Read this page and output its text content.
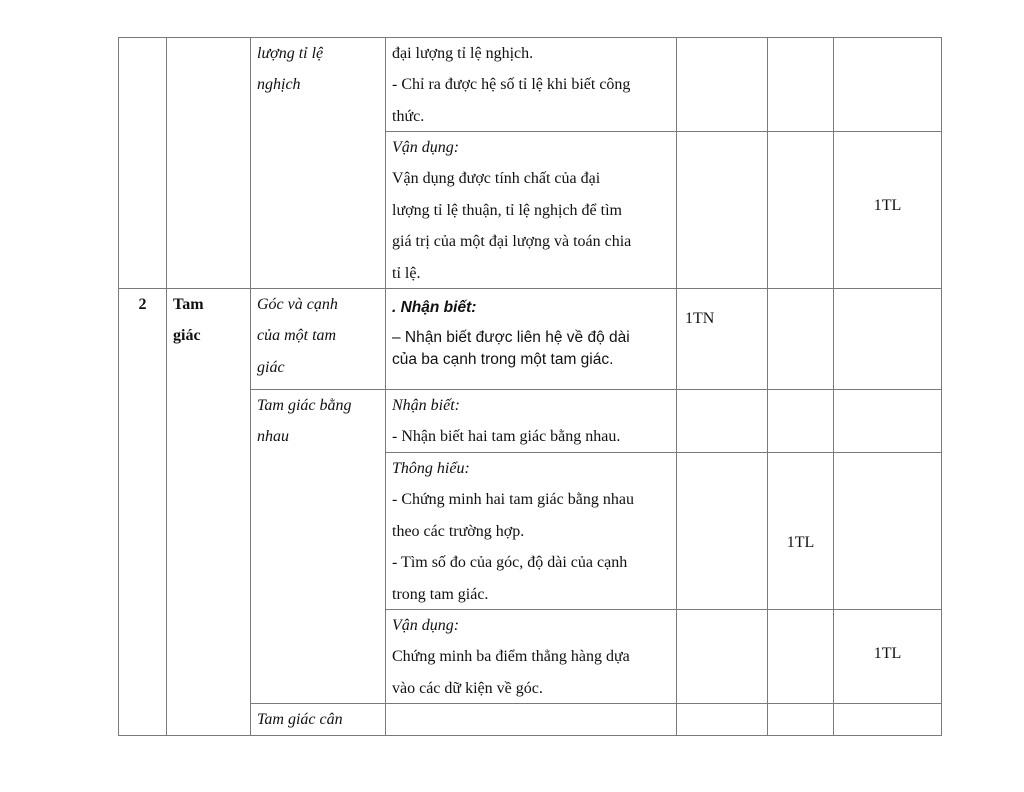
2	Tam
giác
lượng tỉ lệ
nghịch
Góc và cạnh
của một tam
giác
Tam giác bằng
nhau
Tam giác cân
đại lượng tỉ lệ nghịch.
- Chỉ ra được hệ số tỉ lệ khi biết công
thức.
Vận dụng:
Vận dụng được tính chất của đại
lượng tỉ lệ thuận, tỉ lệ nghịch để tìm
giá trị của một đại lượng và toán chia
tỉ lệ.
. Nhận biết:
– Nhận biết được liên hệ về độ dài
của ba cạnh trong một tam giác.
Nhận biết:
- Nhận biết hai tam giác bằng nhau.
Thông hiểu:
- Chứng minh hai tam giác bằng nhau
theo các trường hợp.
- Tìm số đo của góc, độ dài của cạnh
trong tam giác.
Vận dụng:
Chứng minh ba điểm thẳng hàng dựa
vào các dữ kiện về góc.
1TL
1TN
1TL
1TL
